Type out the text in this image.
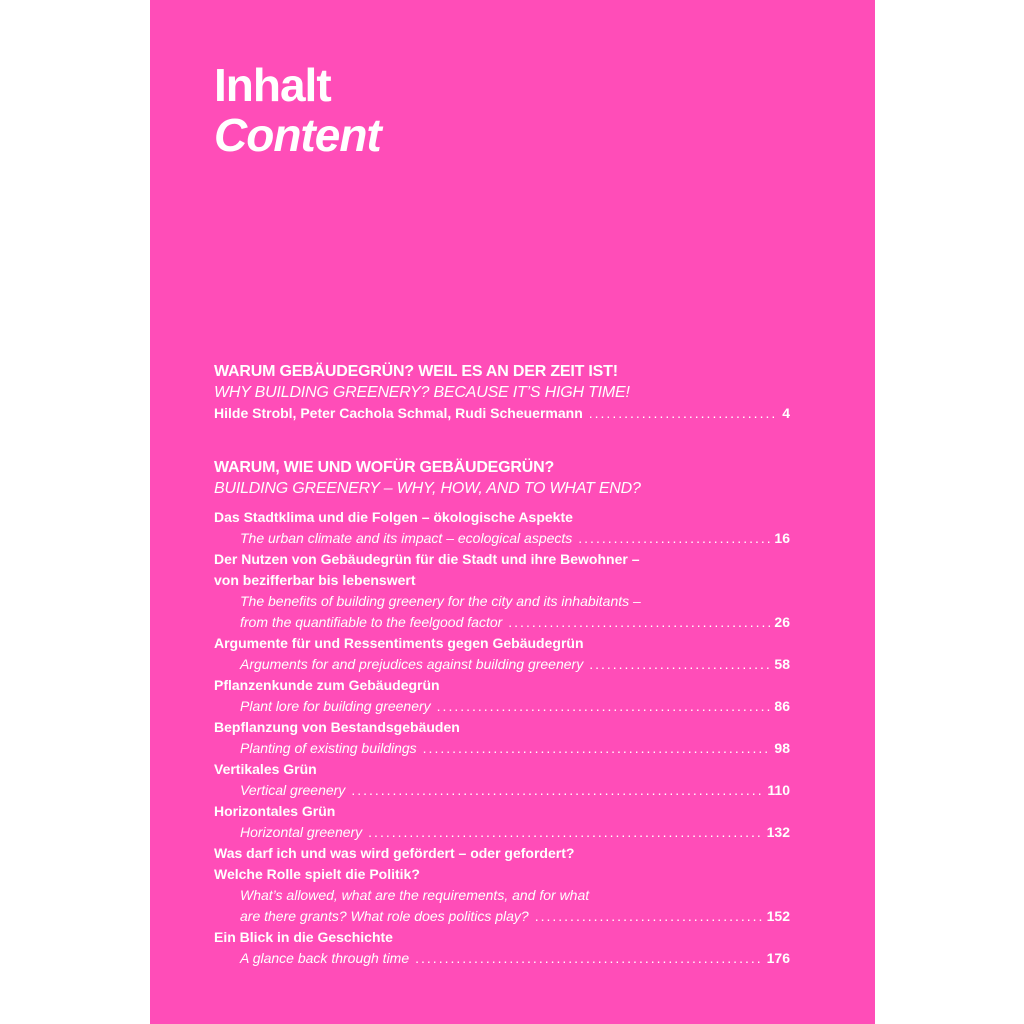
Inhalt
Content
WARUM GEBÄUDEGRÜN? WEIL ES AN DER ZEIT IST!
WHY BUILDING GREENERY? BECAUSE IT’S HIGH TIME!
Hilde Strobl, Peter Cachola Schmal, Rudi Scheuermann .....	4
WARUM, WIE UND WOFÜR GEBÄUDEGRÜN?
BUILDING GREENERY – WHY, HOW, AND TO WHAT END?
Das Stadtklima und die Folgen – ökologische Aspekte
The urban climate and its impact – ecological aspects .....	16
Der Nutzen von Gebäudegrün für die Stadt und ihre Bewohner –
von bezifferbar bis lebenswert
The benefits of building greenery for the city and its inhabitants –
from the quantifiable to the feelgood factor .....	26
Argumente für und Ressentiments gegen Gebäudegrün
Arguments for and prejudices against building greenery .....	58
Pflanzenkunde zum Gebäudegrün
Plant lore for building greenery .....	86
Bepflanzung von Bestandsgebäuden
Planting of existing buildings .....	98
Vertikales Grün
Vertical greenery .....	110
Horizontales Grün
Horizontal greenery .....	132
Was darf ich und was wird gefördert – oder gefordert?
Welche Rolle spielt die Politik?
What’s allowed, what are the requirements, and for what
are there grants? What role does politics play? .....	152
Ein Blick in die Geschichte
A glance back through time .....	176
